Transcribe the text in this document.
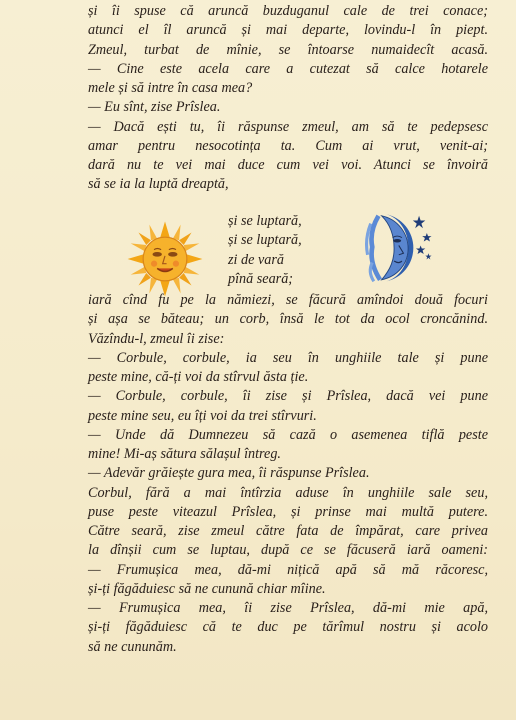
și îi spuse că aruncă buzduganul cale de trei conace;

atunci el îl aruncă și mai departe, lovindu-l în piept.

Zmeul, turbat de mînie, se întoarse numaidecît acasă.

— Cine este acela care a cutezat să calce hotarele

mele și să intre în casa mea?

— Eu sînt, zise Prîslea.

— Dacă ești tu, îi răspunse zmeul, am să te pedepsesc

amar pentru nesocotința ta. Cum ai vrut, venit-ai;

dară nu te vei mai duce cum vei voi. Atunci se învoiră

să se ia la luptă dreaptă,

și se luptară,
și se luptară,
zi de vară
pînă seară;

iară cînd fu pe la nămiezi, se făcură amîndoi două focuri

și așa se băteau; un corb, însă le tot da ocol croncănind.

Văzîndu-l, zmeul îi zise:

— Corbule, corbule, ia seu în unghiile tale și pune

peste mine, că-ți voi da stîrvul ăsta ție.

— Corbule, corbule, îi zise și Prîslea, dacă vei pune

peste mine seu, eu îți voi da trei stîrvuri.

— Unde dă Dumnezeu să cază o asemenea tiflă peste

mine! Mi-aș sătura sălașul întreg.

— Adevăr grăiește gura mea, îi răspunse Prîslea.

Corbul, fără a mai întîrzia aduse în unghiile sale seu,

puse peste viteazul Prîslea, și prinse mai multă putere.

Către seară, zise zmeul către fata de împărat, care privea

la dînșii cum se luptau, după ce se făcuseră iară oameni:

— Frumușica mea, dă-mi nițică apă să mă răcoresc,

și-ți făgăduiesc să ne cunună chiar mîine.

— Frumușica mea, îi zise Prîslea, dă-mi mie apă,

și-ți făgăduiesc că te duc pe tărîmul nostru și acolo

să ne cununăm.
